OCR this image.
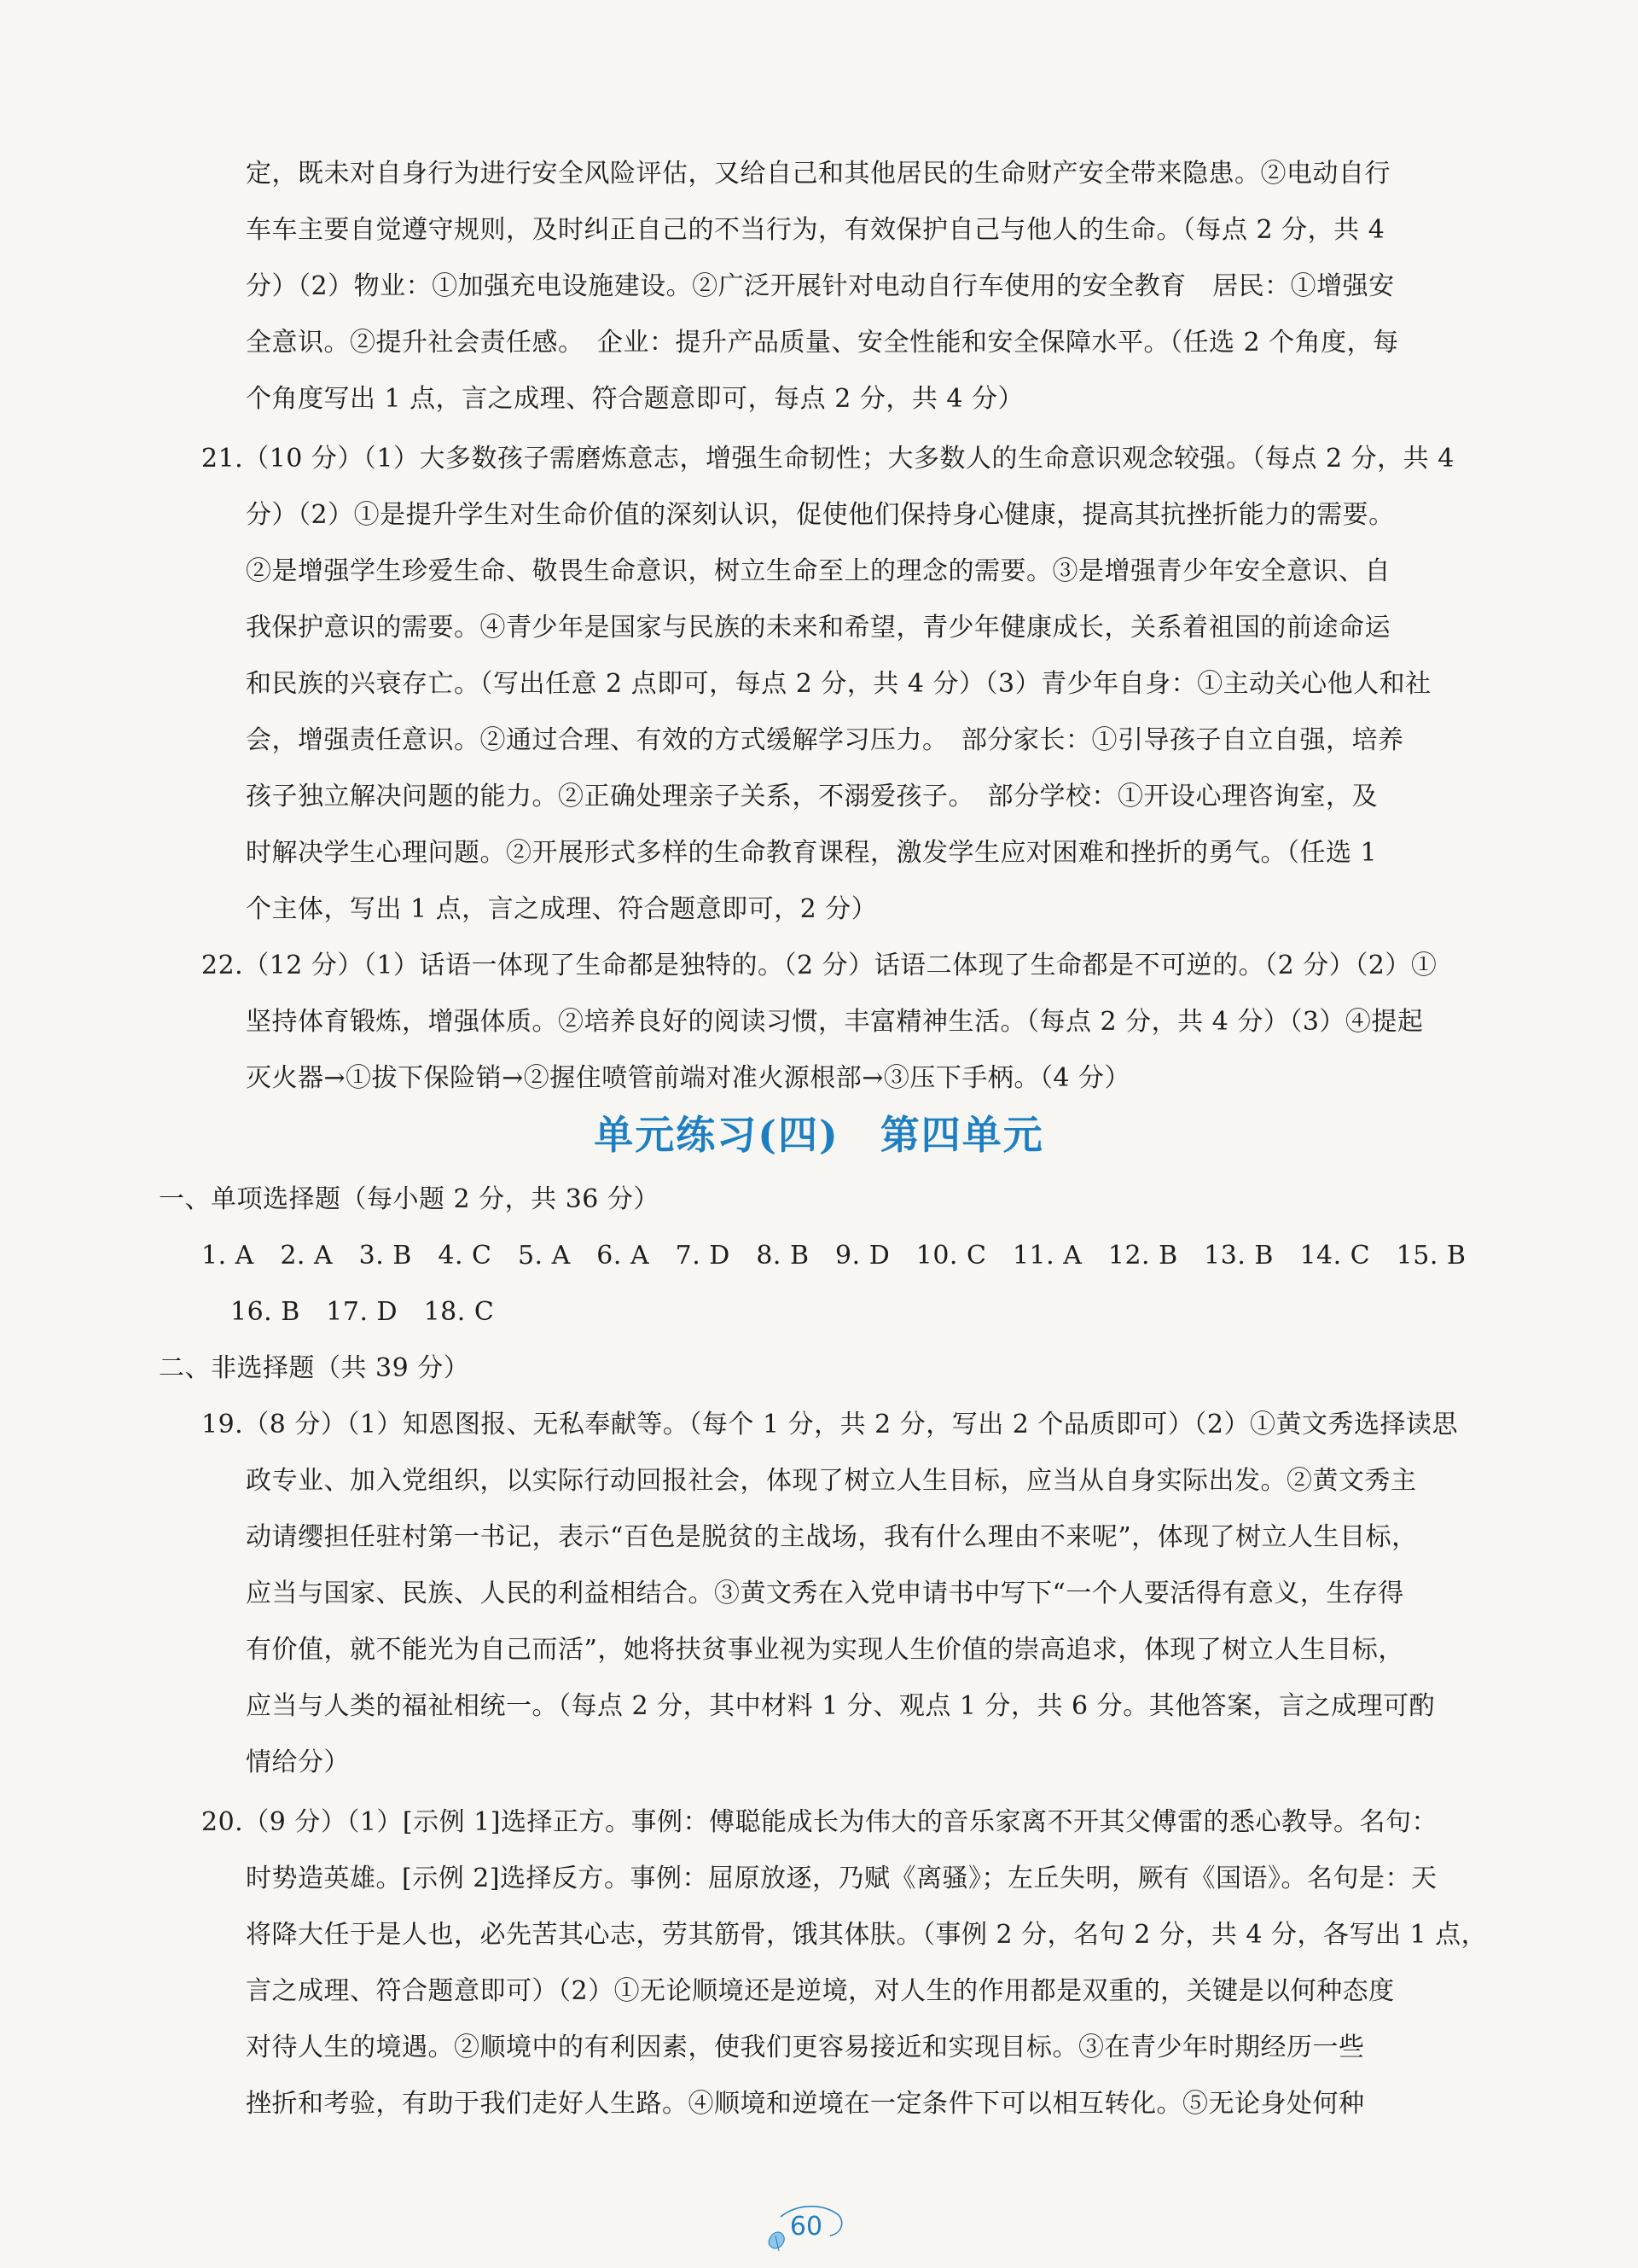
定，既未对自身行为进行安全风险评估，又给自己和其他居民的生命财产安全带来隐患。②电动自行
车车主要自觉遵守规则，及时纠正自己的不当行为，有效保护自己与他人的生命。（每点 2 分，共 4
分）（2）物业：①加强充电设施建设。②广泛开展针对电动自行车使用的安全教育　居民：①增强安
全意识。②提升社会责任感。　企业：提升产品质量、安全性能和安全保障水平。（任选 2 个角度，每
个角度写出 1 点，言之成理、符合题意即可，每点 2 分，共 4 分）
21.（10 分）（1）大多数孩子需磨炼意志，增强生命韧性；大多数人的生命意识观念较强。（每点 2 分，共 4
分）（2）①是提升学生对生命价值的深刻认识，促使他们保持身心健康，提高其抗挫折能力的需要。
②是增强学生珍爱生命、敬畏生命意识，树立生命至上的理念的需要。③是增强青少年安全意识、自
我保护意识的需要。④青少年是国家与民族的未来和希望，青少年健康成长，关系着祖国的前途命运
和民族的兴衰存亡。（写出任意 2 点即可，每点 2 分，共 4 分）（3）青少年自身：①主动关心他人和社
会，增强责任意识。②通过合理、有效的方式缓解学习压力。　部分家长：①引导孩子自立自强，培养
孩子独立解决问题的能力。②正确处理亲子关系，不溺爱孩子。　部分学校：①开设心理咨询室，及
时解决学生心理问题。②开展形式多样的生命教育课程，激发学生应对困难和挫折的勇气。（任选 1
个主体，写出 1 点，言之成理、符合题意即可，2 分）
22.（12 分）（1）话语一体现了生命都是独特的。（2 分）话语二体现了生命都是不可逆的。（2 分）（2）①
坚持体育锻炼，增强体质。②培养良好的阅读习惯，丰富精神生活。（每点 2 分，共 4 分）（3）④提起
灭火器→①拔下保险销→②握住喷管前端对准火源根部→③压下手柄。（4 分）
单元练习(四)　第四单元
一、单项选择题（每小题 2 分，共 36 分）
1. A　2. A　3. B　4. C　5. A　6. A　7. D　8. B　9. D　10. C　11. A　12. B　13. B　14. C　15. B
16. B　17. D　18. C
二、非选择题（共 39 分）
19.（8 分）（1）知恩图报、无私奉献等。（每个 1 分，共 2 分，写出 2 个品质即可）（2）①黄文秀选择读思
政专业、加入党组织，以实际行动回报社会，体现了树立人生目标，应当从自身实际出发。②黄文秀主
动请缨担任驻村第一书记，表示“百色是脱贫的主战场，我有什么理由不来呢”，体现了树立人生目标，
应当与国家、民族、人民的利益相结合。③黄文秀在入党申请书中写下“一个人要活得有意义，生存得
有价值，就不能光为自己而活”，她将扶贫事业视为实现人生价值的崇高追求，体现了树立人生目标，
应当与人类的福祉相统一。（每点 2 分，其中材料 1 分、观点 1 分，共 6 分。其他答案，言之成理可酌
情给分）
20.（9 分）（1）[示例 1]选择正方。事例：傅聪能成长为伟大的音乐家离不开其父傅雷的悉心教导。名句：
时势造英雄。[示例 2]选择反方。事例：屈原放逐，乃赋《离骚》；左丘失明，厥有《国语》。名句是：天
将降大任于是人也，必先苦其心志，劳其筋骨，饿其体肤。（事例 2 分，名句 2 分，共 4 分，各写出 1 点，
言之成理、符合题意即可）（2）①无论顺境还是逆境，对人生的作用都是双重的，关键是以何种态度
对待人生的境遇。②顺境中的有利因素，使我们更容易接近和实现目标。③在青少年时期经历一些
挫折和考验，有助于我们走好人生路。④顺境和逆境在一定条件下可以相互转化。⑤无论身处何种
60
